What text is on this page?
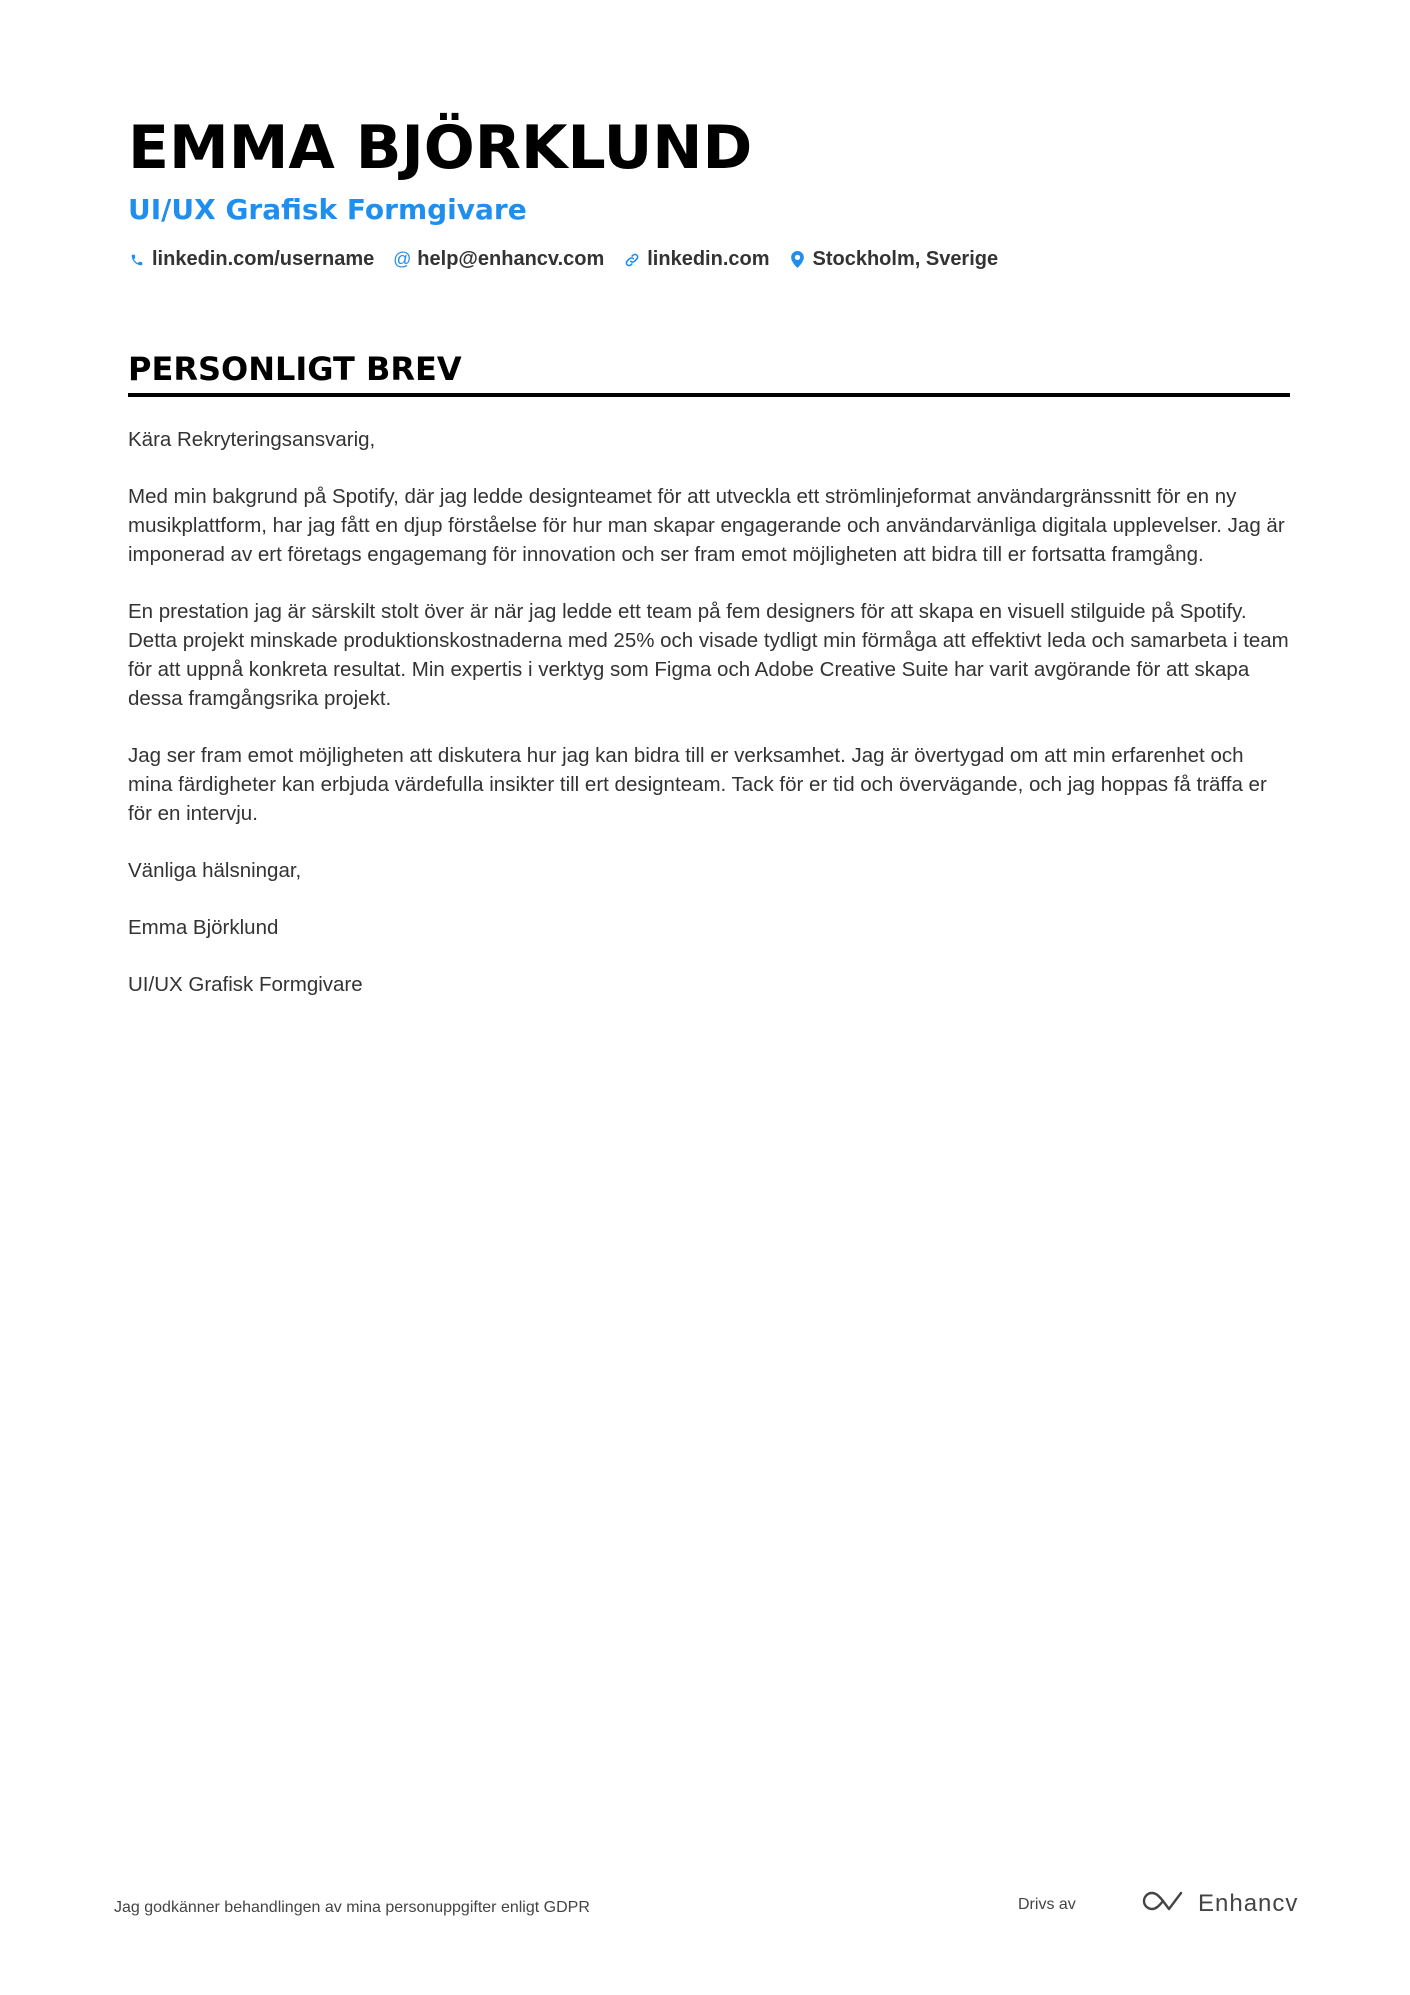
EMMA BJÖRKLUND
UI/UX Grafisk Formgivare
linkedin.com/username @ help@enhancv.com linkedin.com Stockholm, Sverige
PERSONLIGT BREV

Kära Rekryteringsansvarig,

Med min bakgrund på Spotify, där jag ledde designteamet för att utveckla ett strömlinjeformat användargränssnitt för en ny musikplattform, har jag fått en djup förståelse för hur man skapar engagerande och användarvänliga digitala upplevelser. Jag är imponerad av ert företags engagemang för innovation och ser fram emot möjligheten att bidra till er fortsatta framgång.

En prestation jag är särskilt stolt över är när jag ledde ett team på fem designers för att skapa en visuell stilguide på Spotify. Detta projekt minskade produktionskostnaderna med 25% och visade tydligt min förmåga att effektivt leda och samarbeta i team för att uppnå konkreta resultat. Min expertis i verktyg som Figma och Adobe Creative Suite har varit avgörande för att skapa dessa framgångsrika projekt.

Jag ser fram emot möjligheten att diskutera hur jag kan bidra till er verksamhet. Jag är övertygad om att min erfarenhet och mina färdigheter kan erbjuda värdefulla insikter till ert designteam. Tack för er tid och övervägande, och jag hoppas få träffa er för en intervju.

Vänliga hälsningar,

Emma Björklund

UI/UX Grafisk Formgivare

Jag godkänner behandlingen av mina personuppgifter enligt GDPR	Drivs av	Enhancv
